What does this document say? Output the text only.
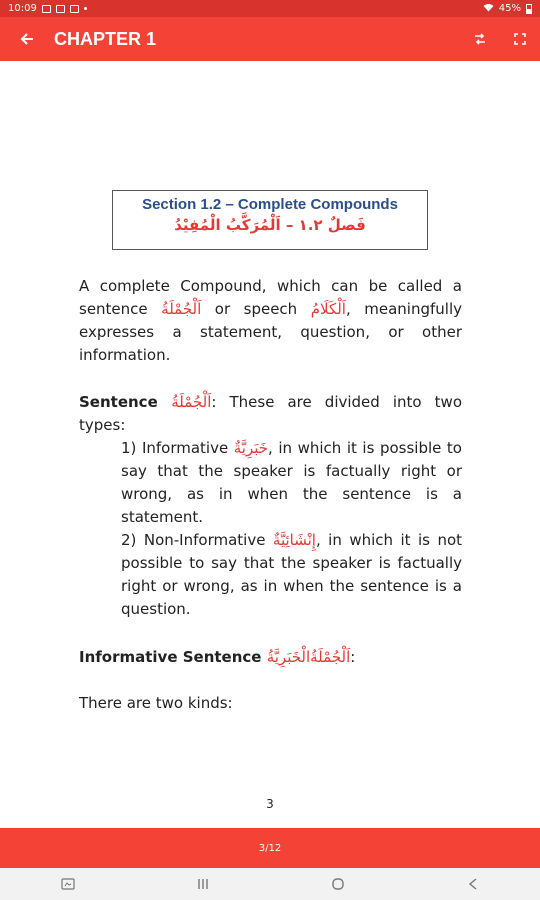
10:09	45%
CHAPTER 1
Section 1.2 – Complete Compounds
فَصلٌ ١.٢ – اَلْمُرَكَّبُ الْمُفِيْدُ
A complete Compound, which can be called a sentence اَلْجُمْلَةُ or speech اَلْكَلَامُ, meaningfully expresses a statement, question, or other information.
Sentence اَلْجُمْلَةُ: These are divided into two types:
1) Informative خَبَرِيَّةٌ, in which it is possible to say that the speaker is factually right or wrong, as in when the sentence is a statement.
2) Non-Informative إِنْشَائِيَّةٌ, in which it is not possible to say that the speaker is factually right or wrong, as in when the sentence is a question.
Informative Sentence اَلْجُمْلَةُالْخَبَرِيَّةُ:
There are two kinds:
3
3/12
